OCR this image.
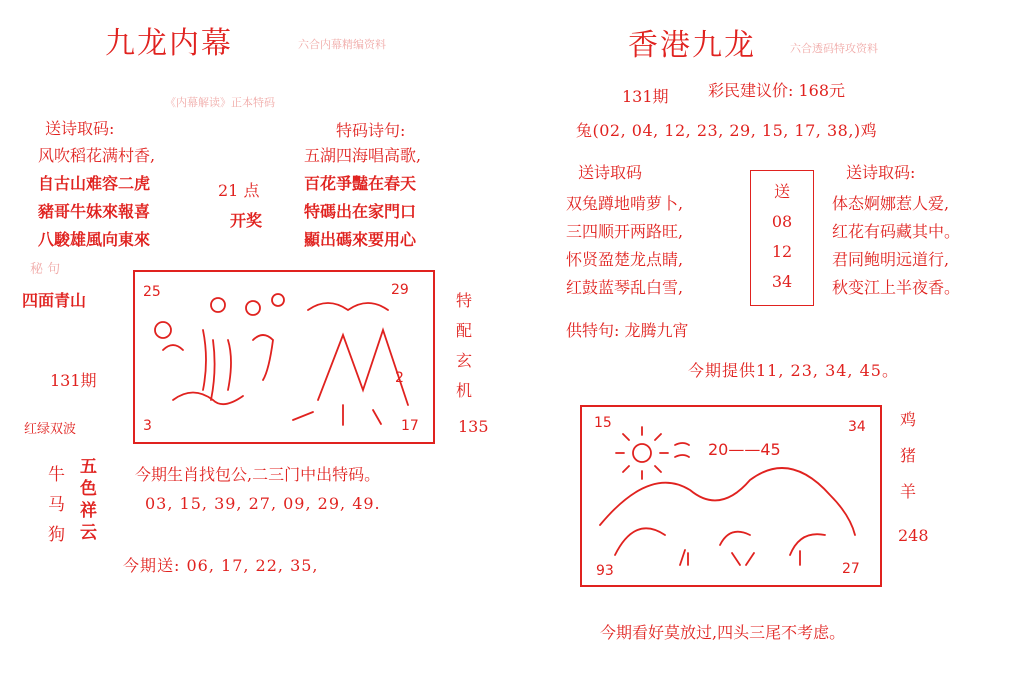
九龙内幕	六合内幕精编资料
《内幕解读》正本特码
送诗取码:
风吹稻花满村香,
自古山难容二虎
豬哥牛妹來報喜
八駿雄風向東來
21 点
开奖
特码诗句:
五湖四海唱高歌,
百花爭豔在春天
特碼出在家門口
顯出碼來要用心
秘 句
四面青山
131期
红绿双波
25	29
3	17
2
特
配
玄
机
135
牛
马
狗
五
色
祥
云
今期生肖找包公,二三门中出特码。
03, 15, 39, 27, 09, 29, 49.
今期送: 06, 17, 22, 35,
香港九龙	六合透码特攻资料
131期 彩民建议价: 168元
兔(02, 04, 12, 23, 29, 15, 17, 38,)鸡
送诗取码
双兔蹲地啃萝卜,
三四顺开两路旺,
怀贤盈楚龙点睛,
红鼓蓝琴乱白雪,
送
08
12
34
送诗取码:
体态婀娜惹人爱,
红花有码藏其中。
君同鲍明远道行,
秋变江上半夜香。
供特句: 龙腾九宵
今期提供11, 23, 34, 45。
15	34
20——45
93	27
鸡
猪
羊
248
今期看好莫放过,四头三尾不考虑。
